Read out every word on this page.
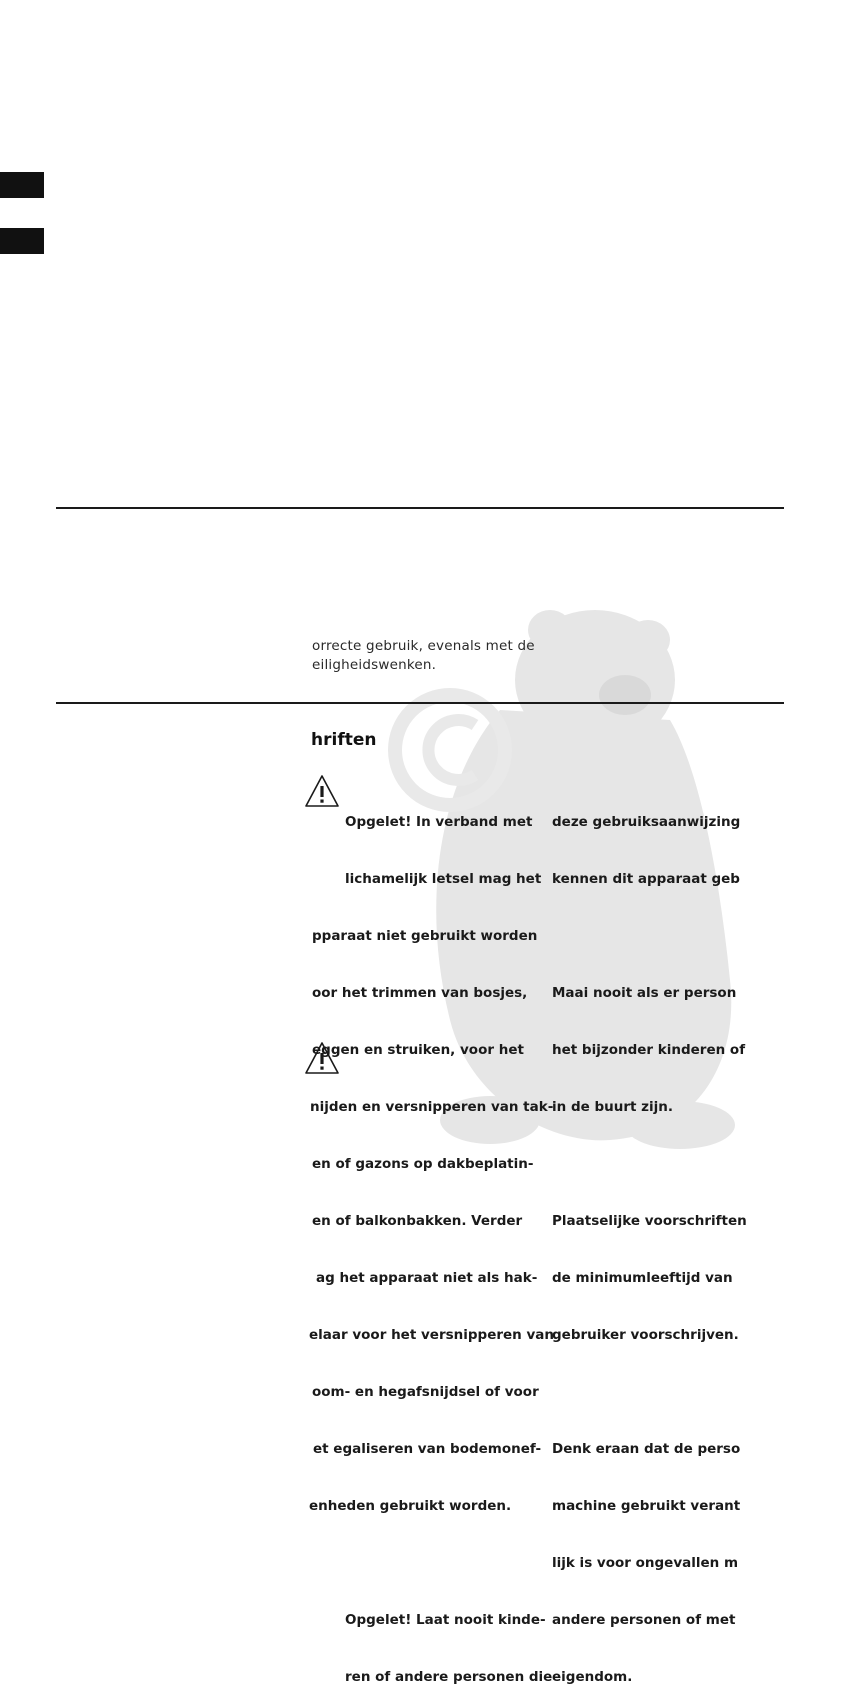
orrecte gebruik, evenals met de
eiligheidswenken.
hriften

Opgelet! In verband met

lichamelijk letsel mag het

pparaat niet gebruikt worden

oor het trimmen van bosjes,

eggen en struiken, voor het

nijden en versnipperen van tak-

en of gazons op dakbeplatin-

en of balkonbakken. Verder

ag het apparaat niet als hak-

elaar voor het versnipperen van

oom- en hegafsnijdsel of voor

et egaliseren van bodemonef-

enheden gebruikt worden.

Opgelet! Laat nooit kinde-

ren of andere personen die

deze gebruiksaanwijzing

kennen dit apparaat geb

Maai nooit als er person

het bijzonder kinderen of

in de buurt zijn.

Plaatselijke voorschriften

de minimumleeftijd van

gebruiker voorschrijven.

Denk eraan dat de perso

machine gebruikt verant

lijk is voor ongevallen m

andere personen of met

eigendom.
